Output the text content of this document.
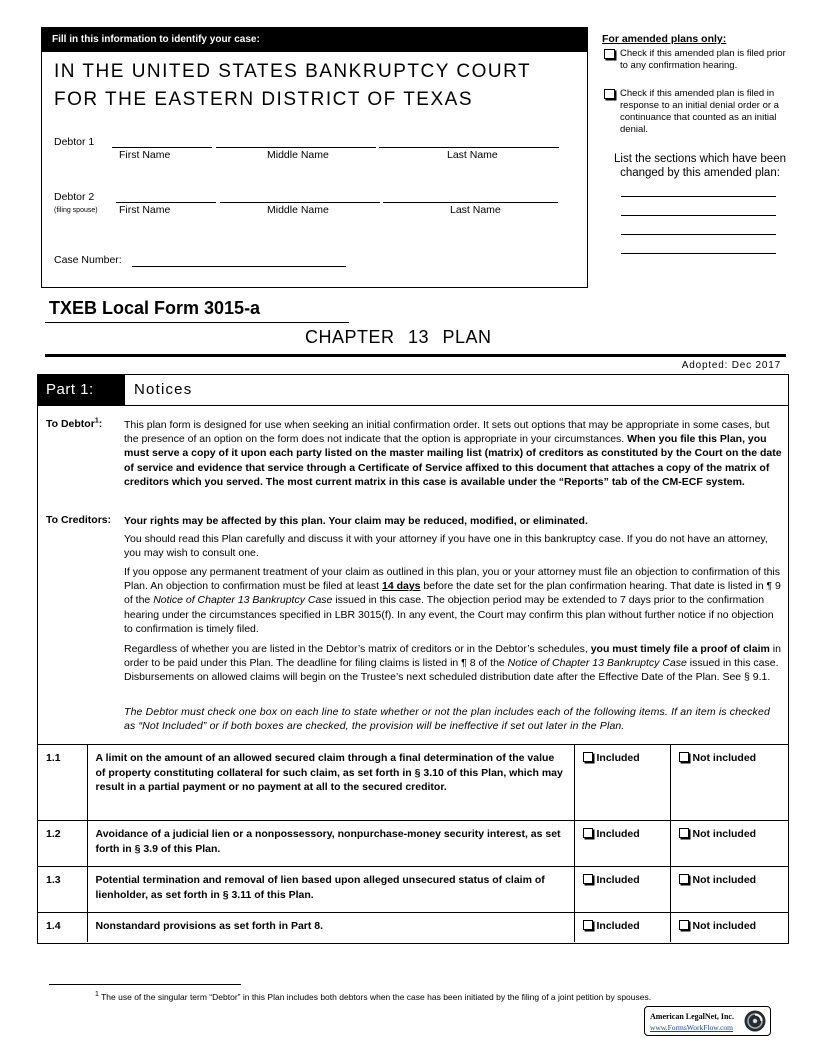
Fill in this information to identify your case:
IN THE UNITED STATES BANKRUPTCY COURT
FOR THE EASTERN DISTRICT OF TEXAS
Debtor 1
First Name	Middle Name	Last Name
Debtor 2
(filing spouse) First Name	Middle Name	Last Name
Case Number:
For amended plans only:
Check if this amended plan is filed prior to any confirmation hearing.
Check if this amended plan is filed in response to an initial denial order or a continuance that counted as an initial denial.
List the sections which have been changed by this amended plan:
TXEB Local Form 3015-a
CHAPTER 13 PLAN
Adopted: Dec 2017
Part 1:	Notices
To Debtor$^1$: This plan form is designed for use when seeking an initial confirmation order. It sets out options that may be appropriate in some cases, but the presence of an option on the form does not indicate that the option is appropriate in your circumstances. When you file this Plan, you must serve a copy of it upon each party listed on the master mailing list (matrix) of creditors as constituted by the Court on the date of service and evidence that service through a Certificate of Service affixed to this document that attaches a copy of the matrix of creditors which you served. The most current matrix in this case is available under the “Reports” tab of the CM-ECF system.
To Creditors: Your rights may be affected by this plan. Your claim may be reduced, modified, or eliminated.
You should read this Plan carefully and discuss it with your attorney if you have one in this bankruptcy case. If you do not have an attorney, you may wish to consult one.
If you oppose any permanent treatment of your claim as outlined in this plan, you or your attorney must file an objection to confirmation of this Plan. An objection to confirmation must be filed at least 14 days before the date set for the plan confirmation hearing. That date is listed in ¶ 9 of the Notice of Chapter 13 Bankruptcy Case issued in this case. The objection period may be extended to 7 days prior to the confirmation hearing under the circumstances specified in LBR 3015(f). In any event, the Court may confirm this plan without further notice if no objection to confirmation is timely filed.
Regardless of whether you are listed in the Debtor’s matrix of creditors or in the Debtor’s schedules, you must timely file a proof of claim in order to be paid under this Plan. The deadline for filing claims is listed in ¶ 8 of the Notice of Chapter 13 Bankruptcy Case issued in this case. Disbursements on allowed claims will begin on the Trustee’s next scheduled distribution date after the Effective Date of the Plan. See § 9.1.
The Debtor must check one box on each line to state whether or not the plan includes each of the following items. If an item is checked as “Not Included” or if both boxes are checked, the provision will be ineffective if set out later in the Plan.
1.1	A limit on the amount of an allowed secured claim through a final determination of the value of property constituting collateral for such claim, as set forth in § 3.10 of this Plan, which may result in a partial payment or no payment at all to the secured creditor.	Included	Not included
1.2	Avoidance of a judicial lien or a nonpossessory, nonpurchase-money security interest, as set forth in § 3.9 of this Plan.	Included	Not included
1.3	Potential termination and removal of lien based upon alleged unsecured status of claim of lienholder, as set forth in § 3.11 of this Plan.	Included	Not included
1.4	Nonstandard provisions as set forth in Part 8.	Included	Not included
$^1$ The use of the singular term “Debtor” in this Plan includes both debtors when the case has been initiated by the filing of a joint petition by spouses.
American LegalNet, Inc.
www.FormsWorkFlow.com
